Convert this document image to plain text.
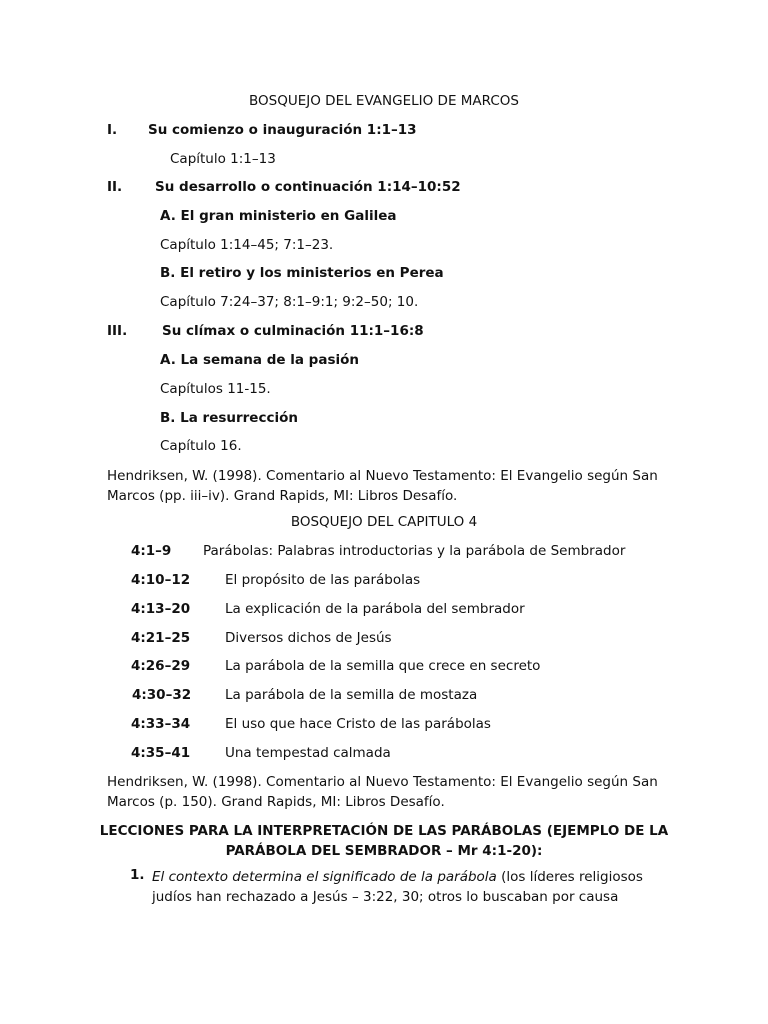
BOSQUEJO DEL EVANGELIO DE MARCOS
I. Su comienzo o inauguración 1:1–13
Capítulo 1:1–13
II. Su desarrollo o continuación 1:14–10:52
A. El gran ministerio en Galilea
Capítulo 1:14–45; 7:1–23.
B. El retiro y los ministerios en Perea
Capítulo 7:24–37; 8:1–9:1; 9:2–50; 10.
III.	Su clímax o culminación 11:1–16:8
A. La semana de la pasión
Capítulos 11-15.
B. La resurrección
Capítulo 16.
Hendriksen, W. (1998). Comentario al Nuevo Testamento: El Evangelio según San Marcos (pp. iii–iv). Grand Rapids, MI: Libros Desafío.
BOSQUEJO DEL CAPITULO 4
4:1–9 Parábolas: Palabras introductorias y la parábola de Sembrador
4:10–12	El propósito de las parábolas
4:13–20	La explicación de la parábola del sembrador
4:21–25	Diversos dichos de Jesús
4:26–29	La parábola de la semilla que crece en secreto
4:30–32	La parábola de la semilla de mostaza
4:33–34	El uso que hace Cristo de las parábolas
4:35–41	Una tempestad calmada
Hendriksen, W. (1998). Comentario al Nuevo Testamento: El Evangelio según San Marcos (p. 150). Grand Rapids, MI: Libros Desafío.
LECCIONES PARA LA INTERPRETACIÓN DE LAS PARÁBOLAS (EJEMPLO DE LA PARÁBOLA DEL SEMBRADOR – Mr 4:1-20):
1. El contexto determina el significado de la parábola (los líderes religiosos judíos han rechazado a Jesús – 3:22, 30; otros lo buscaban por causa
